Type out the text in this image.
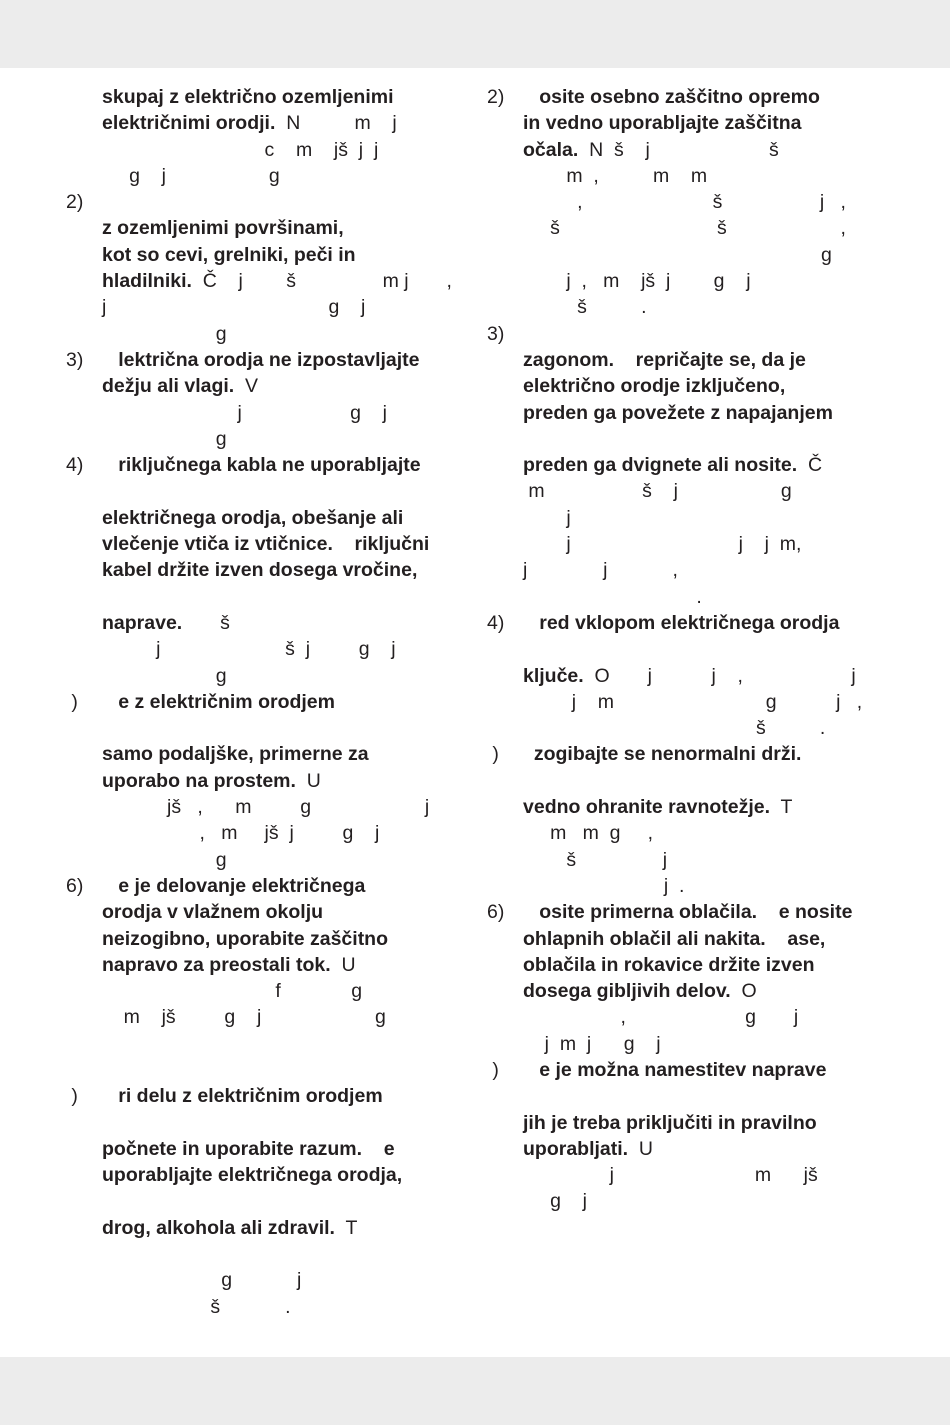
skupaj z električno ozemljenimi
električnimi orodji.  N          m    j
c    m    jš  j  j
g    j                   g
2)
z ozemljenimi površinami,
kot so cevi, grelniki, peči in
hladilniki.  Č    j        š                m j       ,
j                                         g    j
g
3) lektrična orodja ne izpostavljajte
dežju ali vlagi.  V
j                    g    j
g
4) riključnega kabla ne uporabljajte
električnega orodja, obešanje ali
vlečenje vtiča iz vtičnice.    riključni
kabel držite izven dosega vročine,
naprave.       š
j                       š  j         g    j
g
) e z električnim orodjem
samo podaljške, primerne za
uporabo na prostem.  U
jš   ,      m         g                     j
,   m     jš  j         g    j
g
6) e je delovanje električnega
orodja v vlažnem okolju
neizogibno, uporabite zaščitno
napravo za preostali tok.  U
f             g
m    jš         g    j                     g
) ri delu z električnim orodjem
počnete in uporabite razum.    e
uporabljajte električnega orodja,
drog, alkohola ali zdravil.  T
g            j
š            .
2) osite osebno zaščitno opremo
in vedno uporabljajte zaščitna
očala.  N  š    j                      š
m  ,          m    m
,                        š                  j   ,
š                             š                     ,
g
j  ,   m    jš  j        g    j
š          .
3)
zagonom.    repričajte se, da je
električno orodje izključeno,
preden ga povežete z napajanjem
preden ga dvignete ali nosite.  Č
m                  š    j                   g
j
j                               j    j  m,
j              j            ,
.
4) red vklopom električnega orodja
ključe.  O       j           j    ,                    j
j    m                            g           j   ,
š          .
) zogibajte se nenormalni drži.
vedno ohranite ravnotežje.  T
m   m  g     ,
š                j
j  .
6) osite primerna oblačila.    e nosite
ohlapnih oblačil ali nakita.    ase,
oblačila in rokavice držite izven
dosega gibljivih delov.  O
,                      g       j
j  m  j      g    j
) e je možna namestitev naprave
jih je treba priključiti in pravilno
uporabljati.  U
j                          m      jš
g    j
